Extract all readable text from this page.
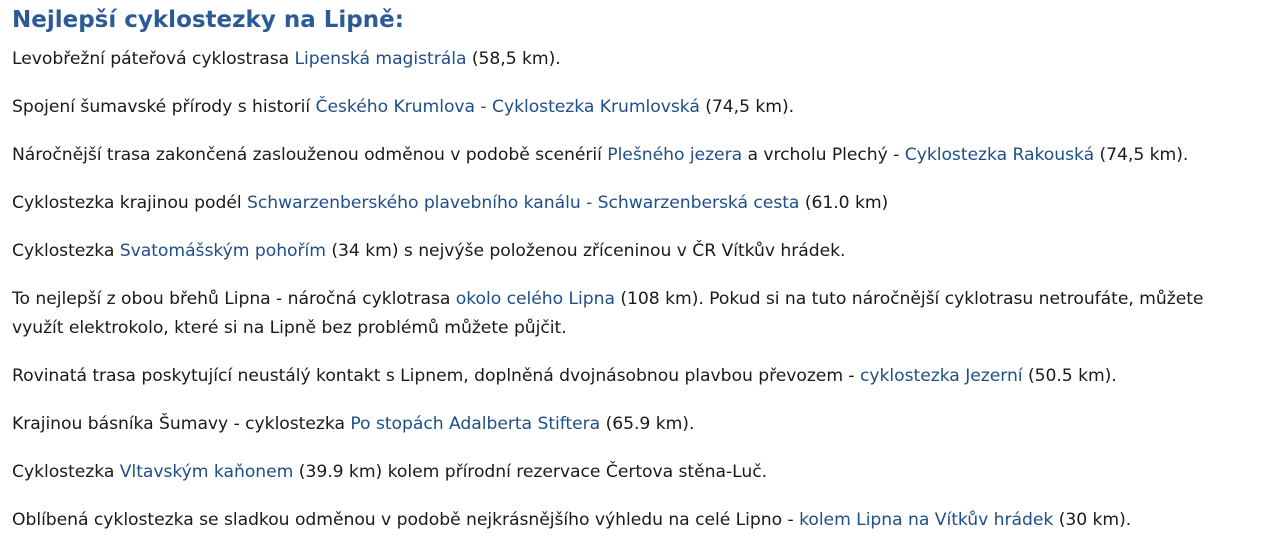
Nejlepší cyklostezky na Lipně:

Levobřežní páteřová cyklostrasa Lipenská magistrála (58,5 km).

Spojení šumavské přírody s historií Českého Krumlova - Cyklostezka Krumlovská (74,5 km).

Náročnější trasa zakončená zaslouženou odměnou v podobě scenérií Plešného jezera a vrcholu Plechý - Cyklostezka Rakouská (74,5 km).

Cyklostezka krajinou podél Schwarzenberského plavebního kanálu - Schwarzenberská cesta (61.0 km)

Cyklostezka Svatomášským pohořím (34 km) s nejvýše položenou zříceninou v ČR Vítkův hrádek.

To nejlepší z obou břehů Lipna - náročná cyklotrasa okolo celého Lipna (108 km). Pokud si na tuto náročnější cyklotrasu netroufáte, můžete využít elektrokolo, které si na Lipně bez problémů můžete půjčit.

Rovinatá trasa poskytující neustálý kontakt s Lipnem, doplněná dvojnásobnou plavbou převozem - cyklostezka Jezerní (50.5 km).

Krajinou básníka Šumavy - cyklostezka Po stopách Adalberta Stiftera (65.9 km).

Cyklostezka Vltavským kaňonem (39.9 km) kolem přírodní rezervace Čertova stěna-Luč.

Oblíbená cyklostezka se sladkou odměnou v podobě nejkrásnějšího výhledu na celé Lipno - kolem Lipna na Vítkův hrádek (30 km).
